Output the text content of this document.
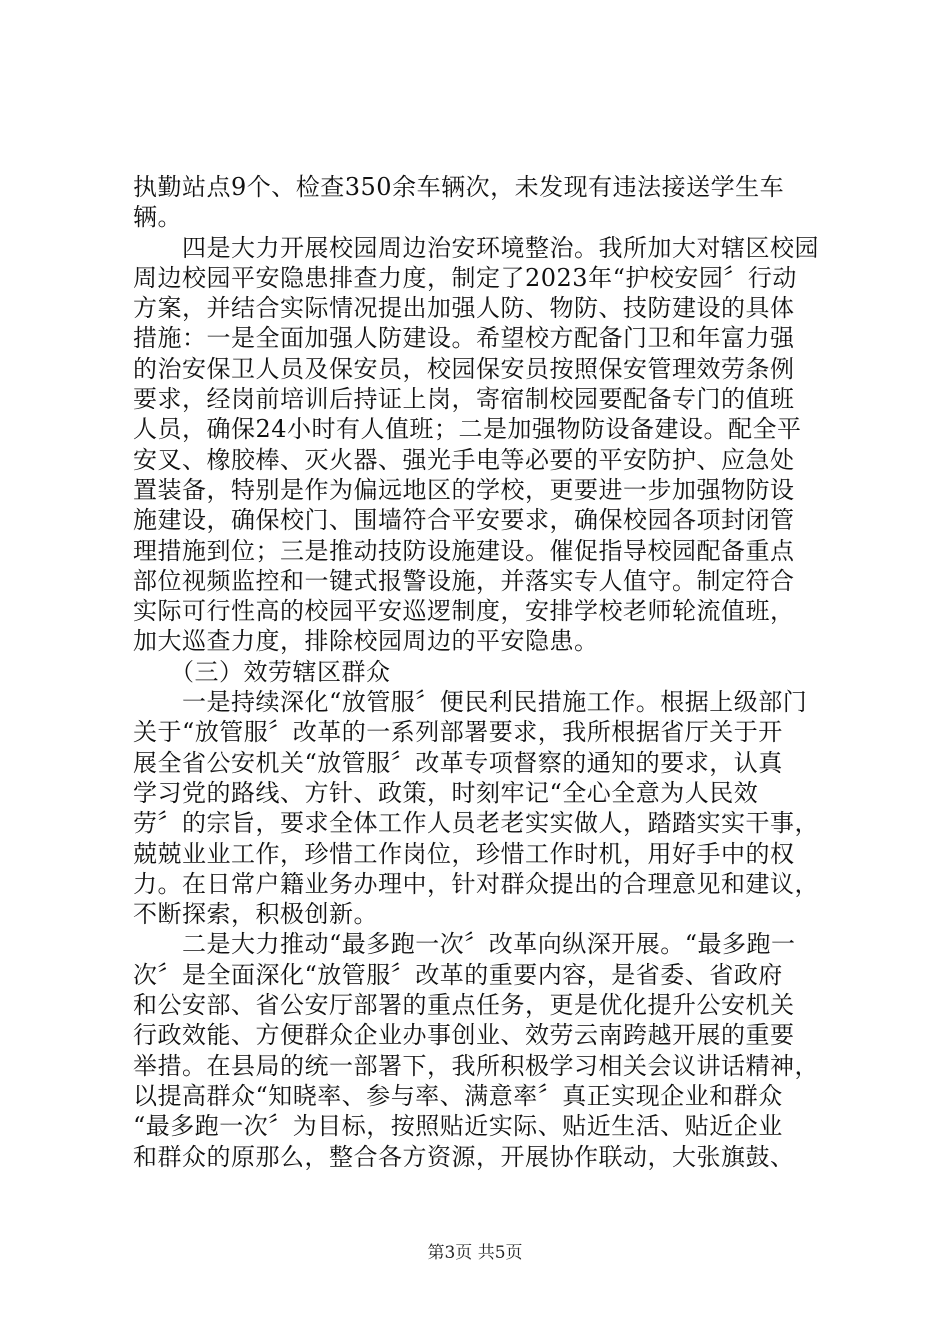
执勤站点9个、检查350余车辆次，未发现有违法接送学生车
辆。
　　四是大力开展校园周边治安环境整治。我所加大对辖区校园
周边校园平安隐患排查力度，制定了2023年“护校安园〞行动
方案，并结合实际情况提出加强人防、物防、技防建设的具体
措施：一是全面加强人防建设。希望校方配备门卫和年富力强
的治安保卫人员及保安员，校园保安员按照保安管理效劳条例
要求，经岗前培训后持证上岗，寄宿制校园要配备专门的值班
人员，确保24小时有人值班；二是加强物防设备建设。配全平
安叉、橡胶棒、灭火器、强光手电等必要的平安防护、应急处
置装备，特别是作为偏远地区的学校，更要进一步加强物防设
施建设，确保校门、围墙符合平安要求，确保校园各项封闭管
理措施到位；三是推动技防设施建设。催促指导校园配备重点
部位视频监控和一键式报警设施，并落实专人值守。制定符合
实际可行性高的校园平安巡逻制度，安排学校老师轮流值班，
加大巡查力度，排除校园周边的平安隐患。
　　（三）效劳辖区群众
　　一是持续深化“放管服〞便民利民措施工作。根据上级部门
关于“放管服〞改革的一系列部署要求，我所根据省厅关于开
展全省公安机关“放管服〞改革专项督察的通知的要求，认真
学习党的路线、方针、政策，时刻牢记“全心全意为人民效
劳〞的宗旨，要求全体工作人员老老实实做人，踏踏实实干事，
兢兢业业工作，珍惜工作岗位，珍惜工作时机，用好手中的权
力。在日常户籍业务办理中，针对群众提出的合理意见和建议，
不断探索，积极创新。
　　二是大力推动“最多跑一次〞改革向纵深开展。“最多跑一
次〞是全面深化“放管服〞改革的重要内容，是省委、省政府
和公安部、省公安厅部署的重点任务，更是优化提升公安机关
行政效能、方便群众企业办事创业、效劳云南跨越开展的重要
举措。在县局的统一部署下，我所积极学习相关会议讲话精神，
以提高群众“知晓率、参与率、满意率〞真正实现企业和群众
“最多跑一次〞为目标，按照贴近实际、贴近生活、贴近企业
和群众的原那么，整合各方资源，开展协作联动，大张旗鼓、
第3页 共5页
